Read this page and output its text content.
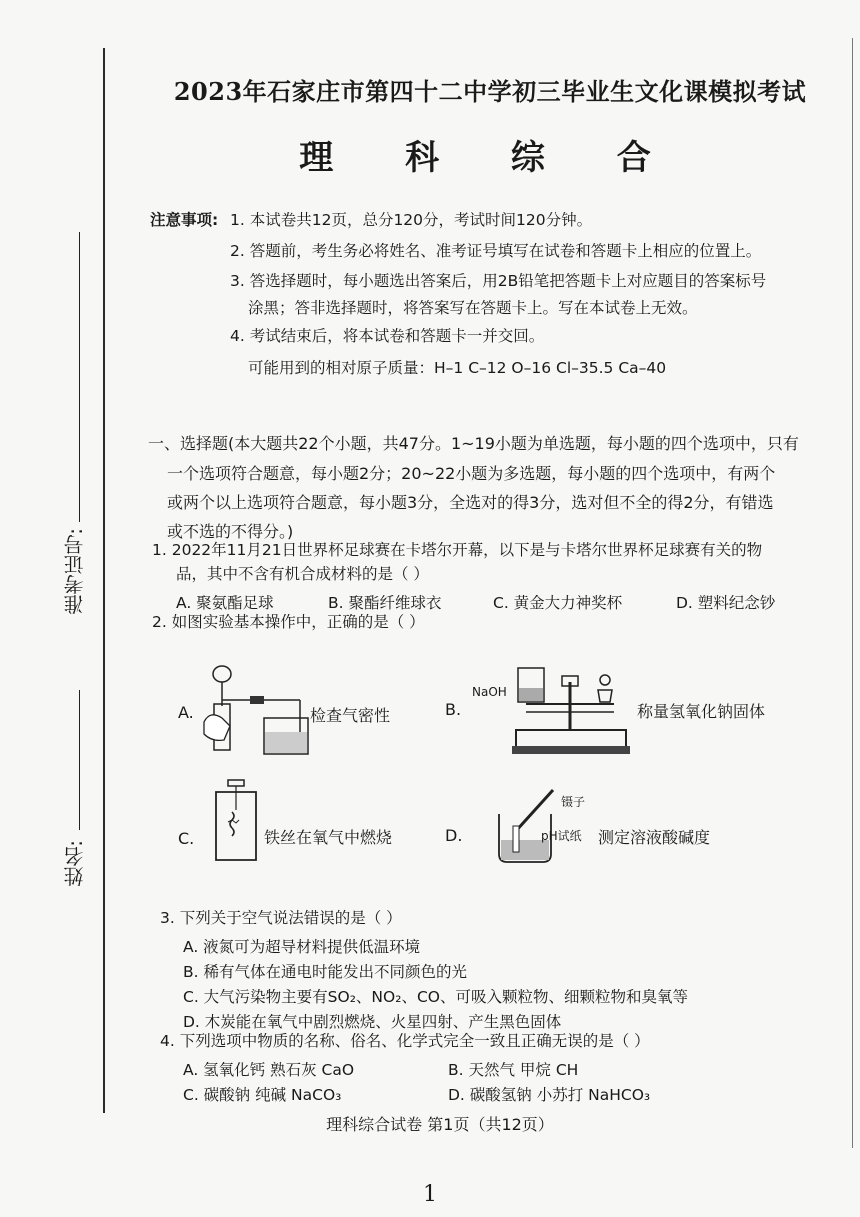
准考证号:
姓名:
2023年石家庄市第四十二中学初三毕业生文化课模拟考试
理 科 综 合
注意事项: 1. 本试卷共12页，总分120分，考试时间120分钟。
2. 答题前，考生务必将姓名、准考证号填写在试卷和答题卡上相应的位置上。
3. 答选择题时，每小题选出答案后，用2B铅笔把答题卡上对应题目的答案标号
涂黑；答非选择题时，将答案写在答题卡上。写在本试卷上无效。
4. 考试结束后，将本试卷和答题卡一并交回。
可能用到的相对原子质量：H–1 C–12 O–16 Cl–35.5 Ca–40
一、选择题(本大题共22个小题，共47分。1~19小题为单选题，每小题的四个选项中，只有
一个选项符合题意，每小题2分；20~22小题为多选题，每小题的四个选项中，有两个
或两个以上选项符合题意，每小题3分，全选对的得3分，选对但不全的得2分，有错选
或不选的不得分。)
1. 2022年11月21日世界杯足球赛在卡塔尔开幕，以下是与卡塔尔世界杯足球赛有关的物
品，其中不含有机合成材料的是（ ）
A. 聚氨酯足球	B. 聚酯纤维球衣	C. 黄金大力神奖杯	D. 塑料纪念钞
2. 如图实验基本操作中，正确的是（ ）
A.	检查气密性	B.
NaOH
称量氢氧化钠固体
C.	铁丝在氧气中燃烧	D.
镊子
pH试纸 测定溶液酸碱度
3. 下列关于空气说法错误的是（ ）
A. 液氮可为超导材料提供低温环境
B. 稀有气体在通电时能发出不同颜色的光
C. 大气污染物主要有SO₂、NO₂、CO、可吸入颗粒物、细颗粒物和臭氧等
D. 木炭能在氧气中剧烈燃烧、火星四射、产生黑色固体
4. 下列选项中物质的名称、俗名、化学式完全一致且正确无误的是（ ）
A. 氢氧化钙 熟石灰 CaO	B. 天然气 甲烷 CH
C. 碳酸钠 纯碱 NaCO₃	D. 碳酸氢钠 小苏打 NaHCO₃
理科综合试卷 第1页（共12页）
1
